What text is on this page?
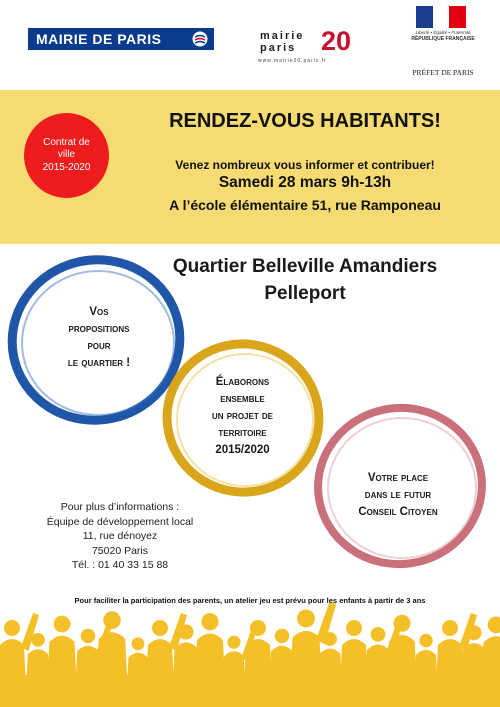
MAIRIE DE PARIS	mairie
paris 20
www.mairie20.paris.fr
Liberté • Égalité • Fraternité
RÉPUBLIQUE FRANÇAISE
PRÉFET DE PARIS
Contrat de
ville
2015-2020
RENDEZ-VOUS HABITANTS!
Venez nombreux vous informer et contribuer!
Samedi 28 mars 9h-13h
A l’école élémentaire 51, rue Ramponeau
Quartier Belleville Amandiers
Pelleport
Vos
propositions
pour
le quartier !
Élaborons
ensemble
un projet de
territoire
2015/2020
Votre place
dans le futur
Conseil Citoyen
Pour plus d’informations :
Équipe de développement local
11, rue dénoyez
75020 Paris
Tél. : 01 40 33 15 88
Pour faciliter la participation des parents, un atelier jeu est prévu pour les enfants à partir de 3 ans
